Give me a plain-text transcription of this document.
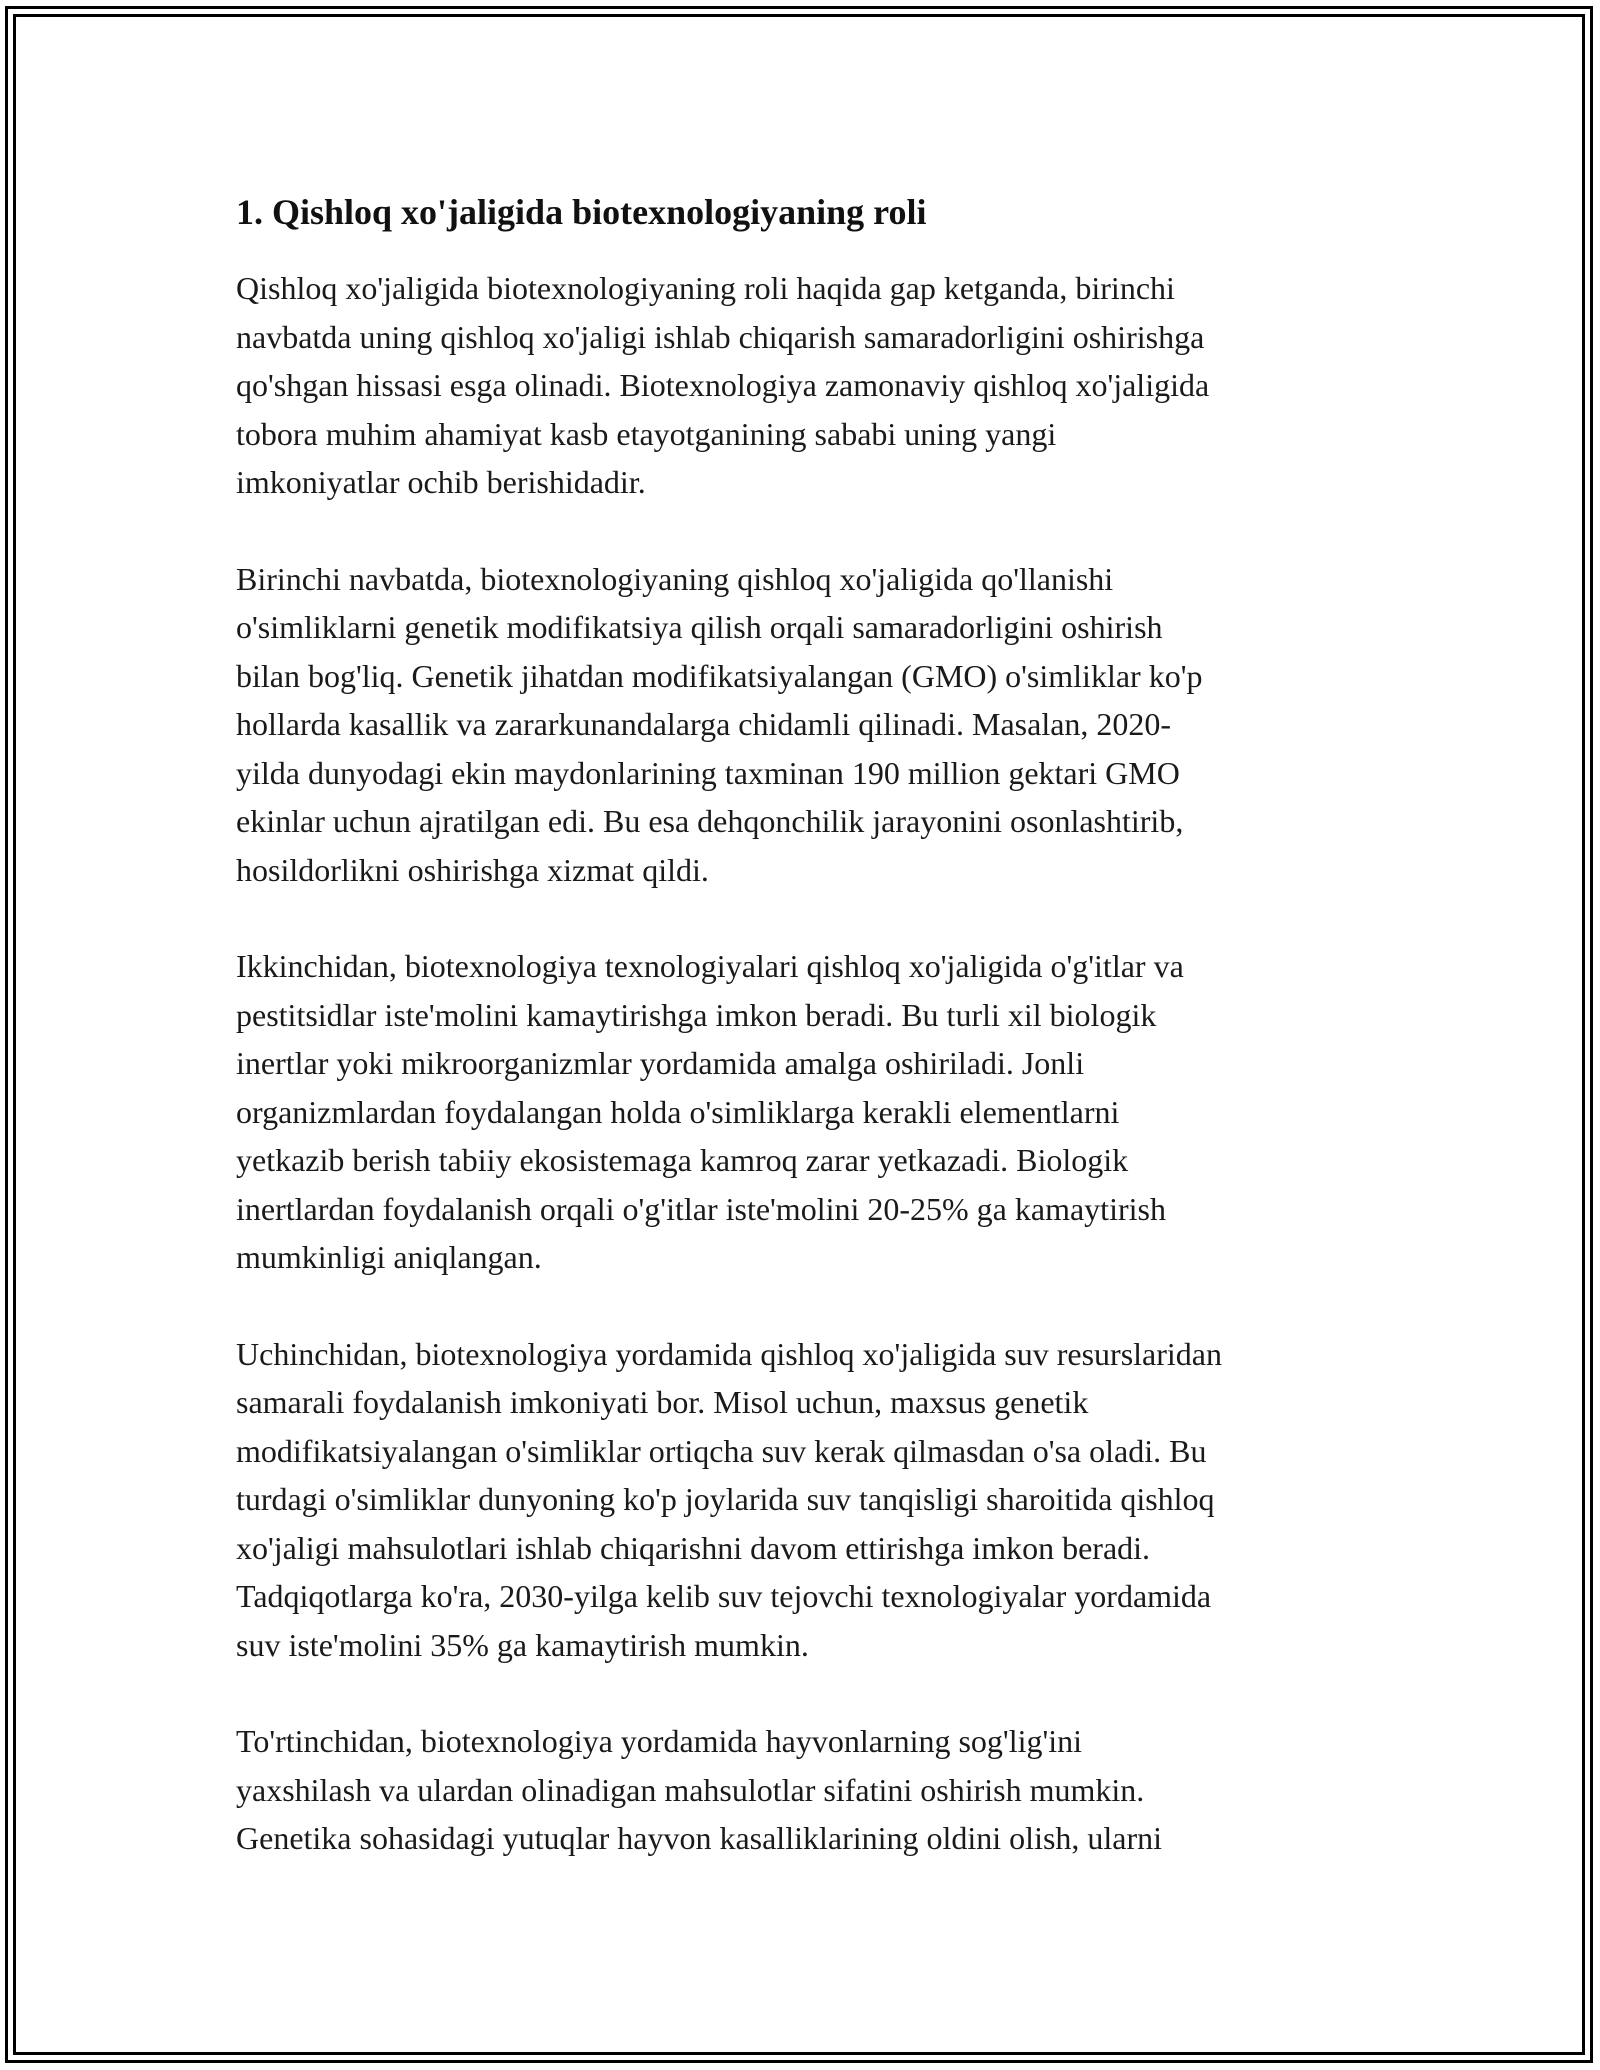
1. Qishloq xo'jaligida biotexnologiyaning roli

Qishloq xo'jaligida biotexnologiyaning roli haqida gap ketganda, birinchi
navbatda uning qishloq xo'jaligi ishlab chiqarish samaradorligini oshirishga
qo'shgan hissasi esga olinadi. Biotexnologiya zamonaviy qishloq xo'jaligida
tobora muhim ahamiyat kasb etayotganining sababi uning yangi
imkoniyatlar ochib berishidadir.

Birinchi navbatda, biotexnologiyaning qishloq xo'jaligida qo'llanishi
o'simliklarni genetik modifikatsiya qilish orqali samaradorligini oshirish
bilan bog'liq. Genetik jihatdan modifikatsiyalangan (GMO) o'simliklar ko'p
hollarda kasallik va zararkunandalarga chidamli qilinadi. Masalan, 2020-
yilda dunyodagi ekin maydonlarining taxminan 190 million gektari GMO
ekinlar uchun ajratilgan edi. Bu esa dehqonchilik jarayonini osonlashtirib,
hosildorlikni oshirishga xizmat qildi.

Ikkinchidan, biotexnologiya texnologiyalari qishloq xo'jaligida o'g'itlar va
pestitsidlar iste'molini kamaytirishga imkon beradi. Bu turli xil biologik
inertlar yoki mikroorganizmlar yordamida amalga oshiriladi. Jonli
organizmlardan foydalangan holda o'simliklarga kerakli elementlarni
yetkazib berish tabiiy ekosistemaga kamroq zarar yetkazadi. Biologik
inertlardan foydalanish orqali o'g'itlar iste'molini 20-25% ga kamaytirish
mumkinligi aniqlangan.

Uchinchidan, biotexnologiya yordamida qishloq xo'jaligida suv resurslaridan
samarali foydalanish imkoniyati bor. Misol uchun, maxsus genetik
modifikatsiyalangan o'simliklar ortiqcha suv kerak qilmasdan o'sa oladi. Bu
turdagi o'simliklar dunyoning ko'p joylarida suv tanqisligi sharoitida qishloq
xo'jaligi mahsulotlari ishlab chiqarishni davom ettirishga imkon beradi.
Tadqiqotlarga ko'ra, 2030-yilga kelib suv tejovchi texnologiyalar yordamida
suv iste'molini 35% ga kamaytirish mumkin.

To'rtinchidan, biotexnologiya yordamida hayvonlarning sog'lig'ini
yaxshilash va ulardan olinadigan mahsulotlar sifatini oshirish mumkin.
Genetika sohasidagi yutuqlar hayvon kasalliklarining oldini olish, ularni
